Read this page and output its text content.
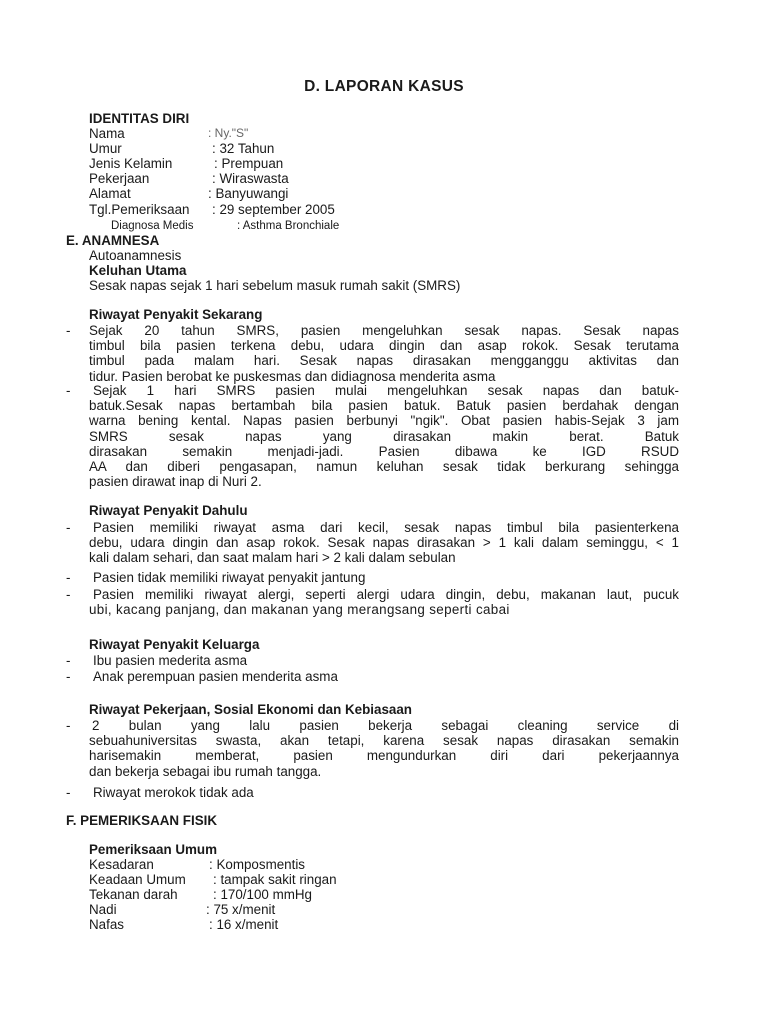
D. LAPORAN KASUS
IDENTITAS DIRI
Nama	: Ny."S"
Umur	: 32 Tahun
Jenis Kelamin	: Prempuan
Pekerjaan	: Wiraswasta
Alamat	: Banyuwangi
Tgl.Pemeriksaan : 29 september 2005
Diagnosa Medis	: Asthma Bronchiale
E. ANAMNESA
Autoanamnesis
Keluhan Utama
Sesak napas sejak 1 hari sebelum masuk rumah sakit (SMRS)
Riwayat Penyakit Sekarang
- Sejak 20 tahun SMRS, pasien mengeluhkan sesak napas. Sesak napas
timbul bila pasien terkena debu, udara dingin dan asap rokok. Sesak terutama
timbul pada malam hari. Sesak napas dirasakan mengganggu aktivitas dan
tidur. Pasien berobat ke puskesmas dan didiagnosa menderita asma
- Sejak 1 hari SMRS pasien mulai mengeluhkan sesak napas dan batuk-
batuk.Sesak napas bertambah bila pasien batuk. Batuk pasien berdahak dengan
warna bening kental. Napas pasien berbunyi "ngik". Obat pasien habis-Sejak 3 jam
SMRS sesak napas yang dirasakan makin berat. Batuk
dirasakan semakin menjadi-jadi. Pasien dibawa ke IGD RSUD
AA dan diberi pengasapan, namun keluhan sesak tidak berkurang sehingga
pasien dirawat inap di Nuri 2.
Riwayat Penyakit Dahulu
- Pasien memiliki riwayat asma dari kecil, sesak napas timbul bila pasienterkena
debu, udara dingin dan asap rokok. Sesak napas dirasakan > 1 kali dalam seminggu, < 1
kali dalam sehari, dan saat malam hari > 2 kali dalam sebulan
- Pasien tidak memiliki riwayat penyakit jantung
- Pasien memiliki riwayat alergi, seperti alergi udara dingin, debu, makanan laut, pucuk
ubi, kacang panjang, dan makanan yang merangsang seperti cabai
Riwayat Penyakit Keluarga
- Ibu pasien mederita asma
- Anak perempuan pasien menderita asma
Riwayat Pekerjaan, Sosial Ekonomi dan Kebiasaan
- 2 bulan yang lalu pasien bekerja sebagai cleaning service di
sebuahuniversitas swasta, akan tetapi, karena sesak napas dirasakan semakin
harisemakin memberat, pasien mengundurkan diri dari pekerjaannya
dan bekerja sebagai ibu rumah tangga.
- Riwayat merokok tidak ada
F. PEMERIKSAAN FISIK
Pemeriksaan Umum
Kesadaran	: Komposmentis
Keadaan Umum : tampak sakit ringan
Tekanan darah	: 170/100 mmHg
Nadi	: 75 x/menit
Nafas	: 16 x/menit
